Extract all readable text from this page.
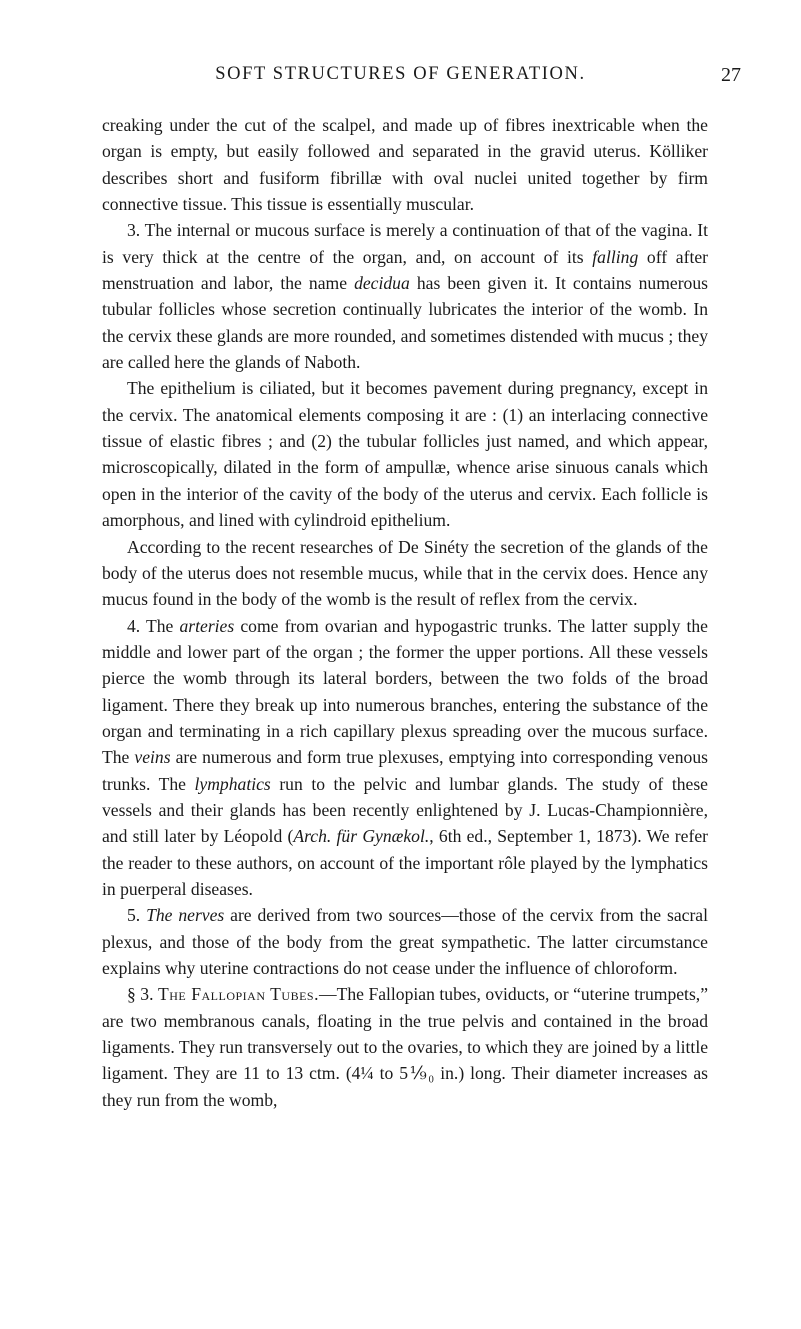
SOFT STRUCTURES OF GENERATION.	27

creaking under the cut of the scalpel, and made up of fibres inextricable when the organ is empty, but easily followed and separated in the gravid uterus. Kölliker describes short and fusiform fibrillæ with oval nuclei united together by firm connective tissue. This tissue is essentially muscular.

3. The internal or mucous surface is merely a continuation of that of the vagina. It is very thick at the centre of the organ, and, on account of its falling off after menstruation and labor, the name decidua has been given it. It contains numerous tubular follicles whose secretion continually lubricates the interior of the womb. In the cervix these glands are more rounded, and sometimes distended with mucus ; they are called here the glands of Naboth.

The epithelium is ciliated, but it becomes pavement during pregnancy, except in the cervix. The anatomical elements composing it are : (1) an interlacing connective tissue of elastic fibres ; and (2) the tubular follicles just named, and which appear, microscopically, dilated in the form of ampullæ, whence arise sinuous canals which open in the interior of the cavity of the body of the uterus and cervix. Each follicle is amorphous, and lined with cylindroid epithelium.

According to the recent researches of De Sinéty the secretion of the glands of the body of the uterus does not resemble mucus, while that in the cervix does. Hence any mucus found in the body of the womb is the result of reflex from the cervix.

4. The arteries come from ovarian and hypogastric trunks. The latter supply the middle and lower part of the organ ; the former the upper portions. All these vessels pierce the womb through its lateral borders, between the two folds of the broad ligament. There they break up into numerous branches, entering the substance of the organ and terminating in a rich capillary plexus spreading over the mucous surface. The veins are numerous and form true plexuses, emptying into corresponding venous trunks. The lymphatics run to the pelvic and lumbar glands. The study of these vessels and their glands has been recently enlightened by J. Lucas-Championnière, and still later by Léopold (Arch. für Gynækol., 6th ed., September 1, 1873). We refer the reader to these authors, on account of the important rôle played by the lymphatics in puerperal diseases.

5. The nerves are derived from two sources—those of the cervix from the sacral plexus, and those of the body from the great sympathetic. The latter circumstance explains why uterine contractions do not cease under the influence of chloroform.

§ 3. The Fallopian Tubes.—The Fallopian tubes, oviducts, or “uterine trumpets,” are two membranous canals, floating in the true pelvis and contained in the broad ligaments. They run transversely out to the ovaries, to which they are joined by a little ligament. They are 11 to 13 ctm. (4¼ to 5⅑₀ in.) long. Their diameter increases as they run from the womb,
